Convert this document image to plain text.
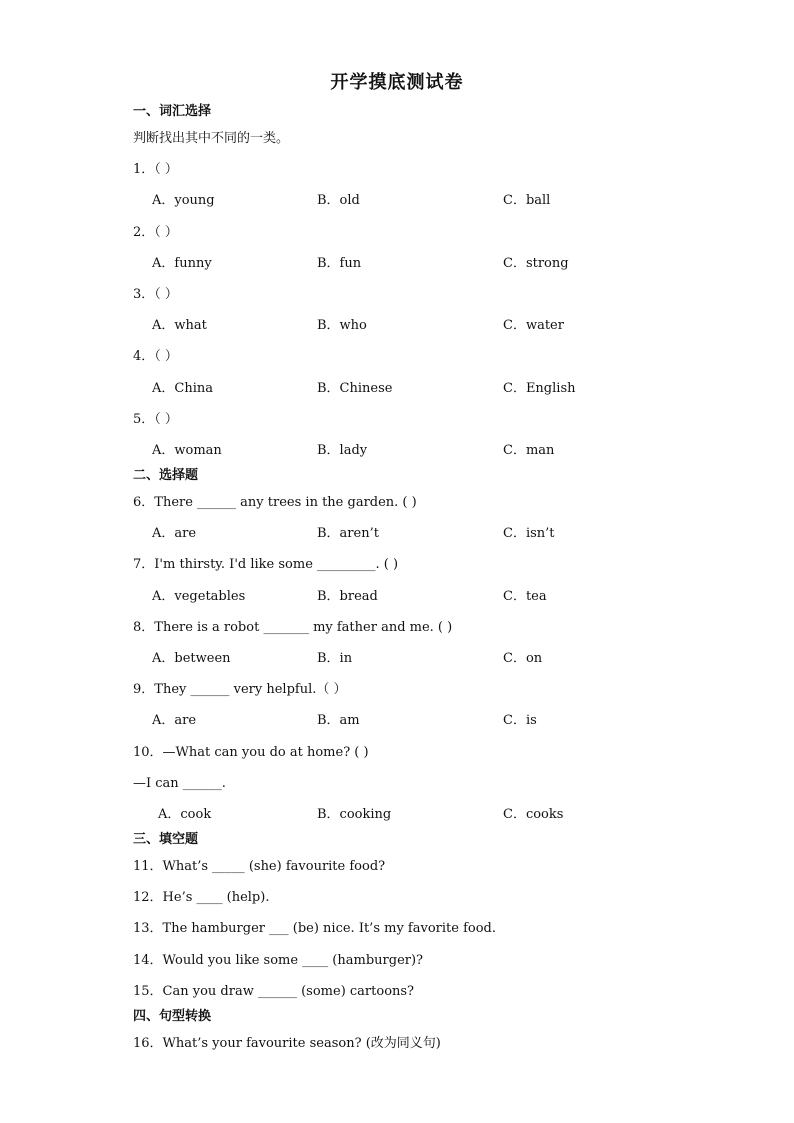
开学摸底测试卷
一、词汇选择
判断找出其中不同的一类。
1．（ ）
A．young	B．old	C．ball
2．（ ）
A．funny	B．fun	C．strong
3．（ ）
A．what	B．who	C．water
4．（ ）
A．China	B．Chinese	C．English
5．（ ）
A．woman	B．lady	C．man
二、选择题
6．There ______ any trees in the garden. ( )
A．are	B．aren’t	C．isn’t
7．I'm thirsty. I'd like some _________. ( )
A．vegetables	B．bread	C．tea
8．There is a robot _______ my father and me. ( )
A．between	B．in	C．on
9．They ______ very helpful.（ ）
A．are	B．am	C．is
10．—What can you do at home? ( )
—I can ______.
A．cook	B．cooking	C．cooks
三、填空题
11．What’s _____ (she) favourite food?
12．He’s ____ (help).
13．The hamburger ___ (be) nice. It’s my favorite food.
14．Would you like some ____ (hamburger)?
15．Can you draw ______ (some) cartoons?
四、句型转换
16．What’s your favourite season? (改为同义句)
